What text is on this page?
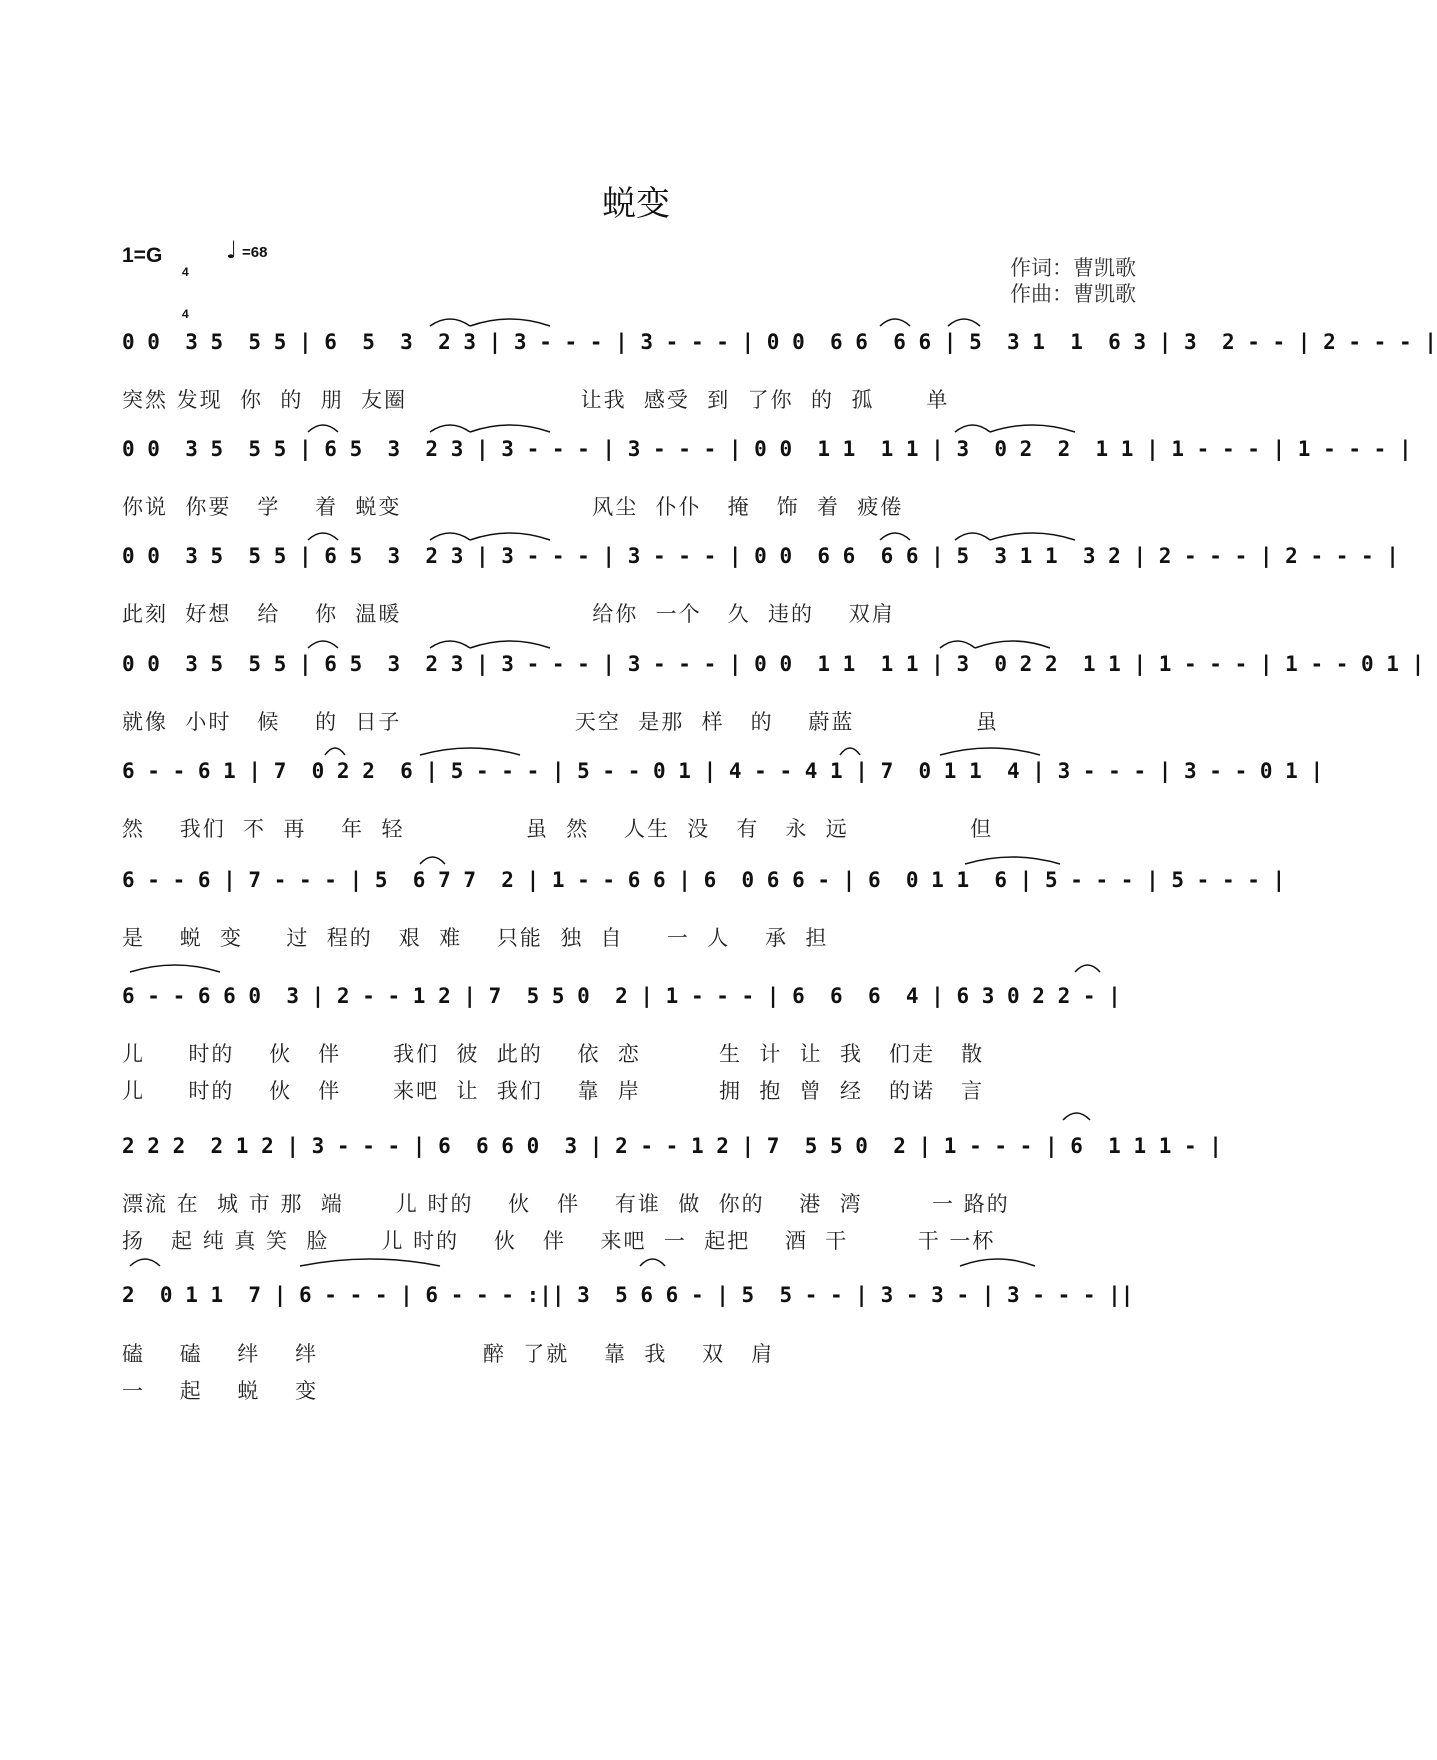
蜕变
1=G

4

4

♩ =68
作词：曹凯歌
作曲：曹凯歌
0 0  3 5  5 5 | 6  5  3  2 3 | 3 - - - | 3 - - - | 0 0  6 6  6 6 | 5  3 1  1  6 3 | 3  2 - - | 2 - - - |
突然 发现  你  的  朋  友圈                    让我  感受  到  了你  的  孤      单
0 0  3 5  5 5 | 6 5  3  2 3 | 3 - - - | 3 - - - | 0 0  1 1  1 1 | 3  0 2  2  1 1 | 1 - - - | 1 - - - |
你说  你要   学    着  蜕变                      风尘  仆仆   掩   饰  着  疲倦
0 0  3 5  5 5 | 6 5  3  2 3 | 3 - - - | 3 - - - | 0 0  6 6  6 6 | 5  3 1 1  3 2 | 2 - - - | 2 - - - |
此刻  好想   给    你  温暖                      给你  一个   久  违的    双肩
0 0  3 5  5 5 | 6 5  3  2 3 | 3 - - - | 3 - - - | 0 0  1 1  1 1 | 3  0 2 2  1 1 | 1 - - - | 1 - - 0 1 |
就像  小时   候    的  日子                    天空  是那  样   的    蔚蓝              虽
6 - - 6 1 | 7  0 2 2  6 | 5 - - - | 5 - - 0 1 | 4 - - 4 1 | 7  0 1 1  4 | 3 - - - | 3 - - 0 1 |
然    我们  不  再    年  轻              虽  然    人生  没   有   永  远              但
6 - - 6 | 7 - - - | 5  6 7 7  2 | 1 - - 6 6 | 6  0 6 6 - | 6  0 1 1  6 | 5 - - - | 5 - - - |
是    蜕  变     过  程的   艰  难    只能  独  自     一  人    承  担
6 - - 6 6 0  3 | 2 - - 1 2 | 7  5 5 0  2 | 1 - - - | 6  6  6  4 | 6 3 0 2 2 - |
儿     时的    伙   伴      我们  彼  此的    依  恋         生  计  让  我   们走   散
儿     时的    伙   伴      来吧  让  我们    靠  岸         拥  抱  曾  经   的诺   言
2 2 2  2 1 2 | 3 - - - | 6  6 6 0  3 | 2 - - 1 2 | 7  5 5 0  2 | 1 - - - | 6  1 1 1 - |
漂流 在  城 市 那  端      儿 时的    伙   伴    有谁  做  你的    港  湾        一 路的
扬   起 纯 真 笑  脸      儿 时的    伙   伴    来吧  一  起把    酒  干        干 一杯
2  0 1 1  7 | 6 - - - | 6 - - - :|| 3  5 6 6 - | 5  5 - - | 3 - 3 - | 3 - - - ||
磕    磕    绊    绊                   醉  了就    靠  我    双   肩
一    起    蜕    变
